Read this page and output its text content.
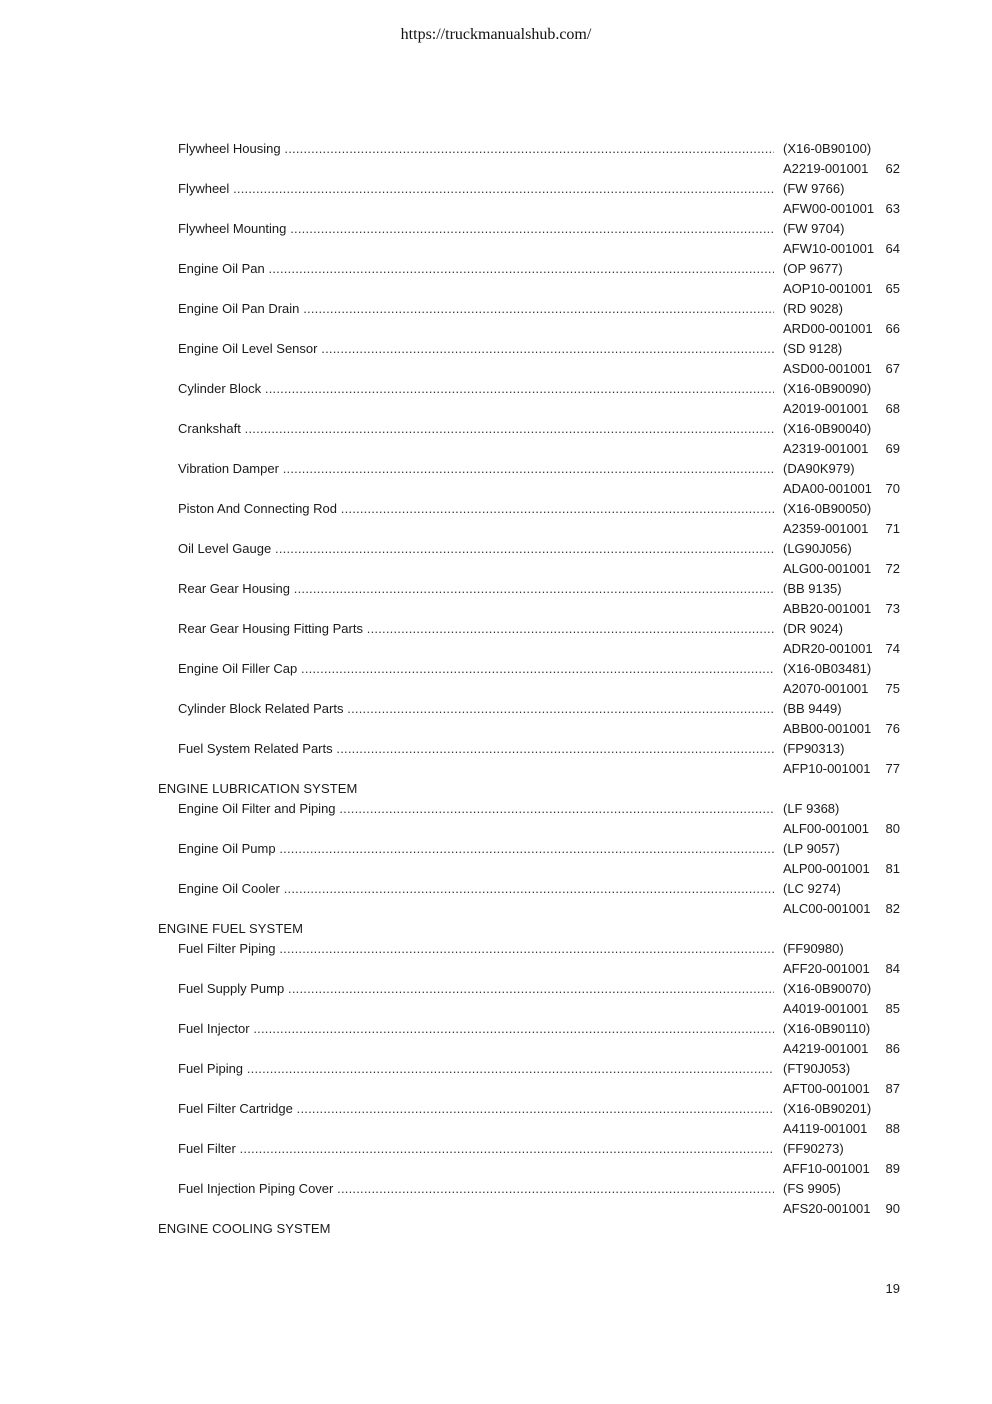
https://truckmanualshub.com/
Flywheel Housing .....	(X16-0B90100)
A2219-001001 62
Flywheel .....	(FW 9766)
AFW00-001001 63
Flywheel Mounting .....	(FW 9704)
AFW10-001001 64
Engine Oil Pan .....	(OP 9677)
AOP10-001001 65
Engine Oil Pan Drain .....	(RD 9028)
ARD00-001001 66
Engine Oil Level Sensor .....	(SD 9128)
ASD00-001001 67
Cylinder Block .....	(X16-0B90090)
A2019-001001 68
Crankshaft .....	(X16-0B90040)
A2319-001001 69
Vibration Damper .....	(DA90K979)
ADA00-001001 70
Piston And Connecting Rod .....	(X16-0B90050)
A2359-001001 71
Oil Level Gauge .....	(LG90J056)
ALG00-001001 72
Rear Gear Housing .....	(BB 9135)
ABB20-001001 73
Rear Gear Housing Fitting Parts .....	(DR 9024)
ADR20-001001 74
Engine Oil Filler Cap .....	(X16-0B03481)
A2070-001001 75
Cylinder Block Related Parts .....	(BB 9449)
ABB00-001001 76
Fuel System Related Parts .....	(FP90313)
AFP10-001001 77
ENGINE LUBRICATION SYSTEM
Engine Oil Filter and Piping .....	(LF 9368)
ALF00-001001 80
Engine Oil Pump .....	(LP 9057)
ALP00-001001 81
Engine Oil Cooler .....	(LC 9274)
ALC00-001001 82
ENGINE FUEL SYSTEM
Fuel Filter Piping .....	(FF90980)
AFF20-001001 84
Fuel Supply Pump .....	(X16-0B90070)
A4019-001001 85
Fuel Injector .....	(X16-0B90110)
A4219-001001 86
Fuel Piping .....	(FT90J053)
AFT00-001001 87
Fuel Filter Cartridge .....	(X16-0B90201)
A4119-001001 88
Fuel Filter .....	(FF90273)
AFF10-001001 89
Fuel Injection Piping Cover .....	(FS 9905)
AFS20-001001 90
ENGINE COOLING SYSTEM
19
